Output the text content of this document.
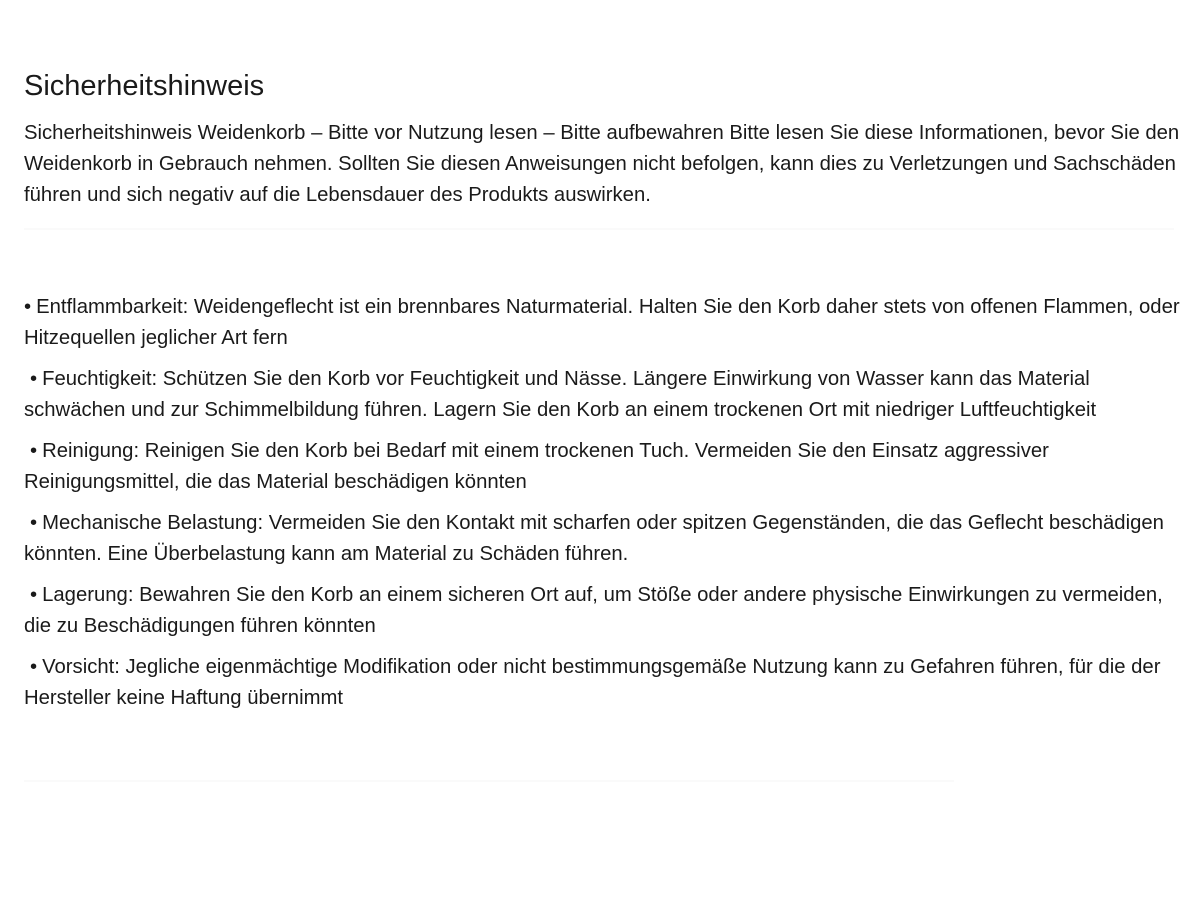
Sicherheitshinweis

Sicherheitshinweis Weidenkorb – Bitte vor Nutzung lesen – Bitte aufbewahren Bitte lesen Sie diese Informationen, bevor Sie den Weidenkorb in Gebrauch nehmen. Sollten Sie diesen Anweisungen nicht befolgen, kann dies zu Verletzungen und Sachschäden führen und sich negativ auf die Lebensdauer des Produkts auswirken.

• Entflammbarkeit: Weidengeflecht ist ein brennbares Naturmaterial. Halten Sie den Korb daher stets von offenen Flammen, oder Hitzequellen jeglicher Art fern
• Feuchtigkeit: Schützen Sie den Korb vor Feuchtigkeit und Nässe. Längere Einwirkung von Wasser kann das Material schwächen und zur Schimmelbildung führen. Lagern Sie den Korb an einem trockenen Ort mit niedriger Luftfeuchtigkeit
• Reinigung: Reinigen Sie den Korb bei Bedarf mit einem trockenen Tuch. Vermeiden Sie den Einsatz aggressiver Reinigungsmittel, die das Material beschädigen könnten
• Mechanische Belastung: Vermeiden Sie den Kontakt mit scharfen oder spitzen Gegenständen, die das Geflecht beschädigen könnten. Eine Überbelastung kann am Material zu Schäden führen.
• Lagerung: Bewahren Sie den Korb an einem sicheren Ort auf, um Stöße oder andere physische Einwirkungen zu vermeiden, die zu Beschädigungen führen könnten
• Vorsicht: Jegliche eigenmächtige Modifikation oder nicht bestimmungsgemäße Nutzung kann zu Gefahren führen, für die der Hersteller keine Haftung übernimmt
